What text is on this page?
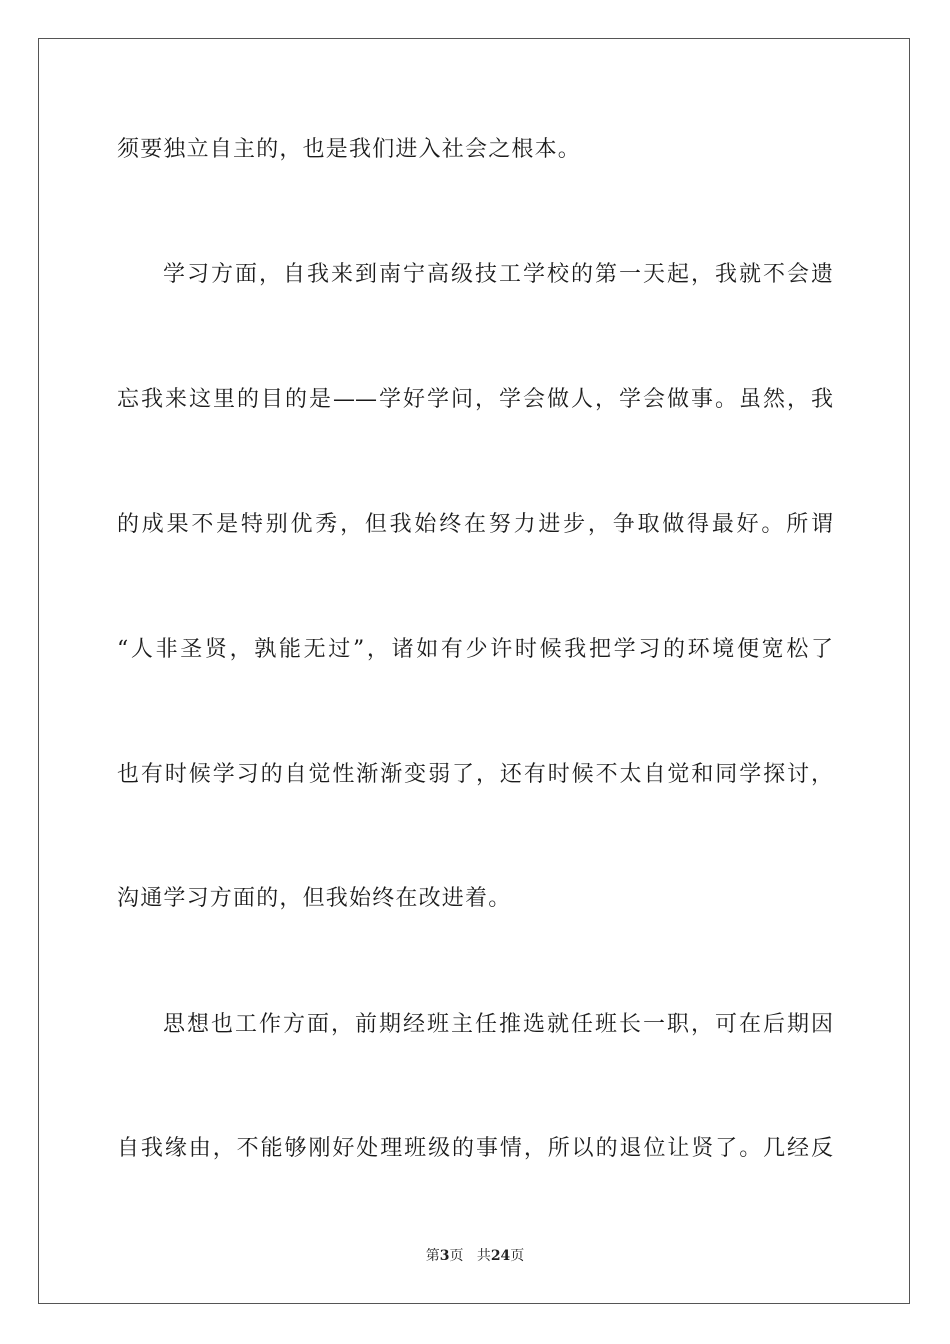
须要独立自主的，也是我们进入社会之根本。
学习方面，自我来到南宁高级技工学校的第一天起，我就不会遗
忘我来这里的目的是——学好学问，学会做人，学会做事。虽然，我
的成果不是特别优秀，但我始终在努力进步，争取做得最好。所谓
“人非圣贤，孰能无过”，诸如有少许时候我把学习的环境便宽松了
也有时候学习的自觉性渐渐变弱了，还有时候不太自觉和同学探讨，
沟通学习方面的，但我始终在改进着。
思想也工作方面，前期经班主任推选就任班长一职，可在后期因
自我缘由，不能够刚好处理班级的事情，所以的退位让贤了。几经反
第3页 共24页
